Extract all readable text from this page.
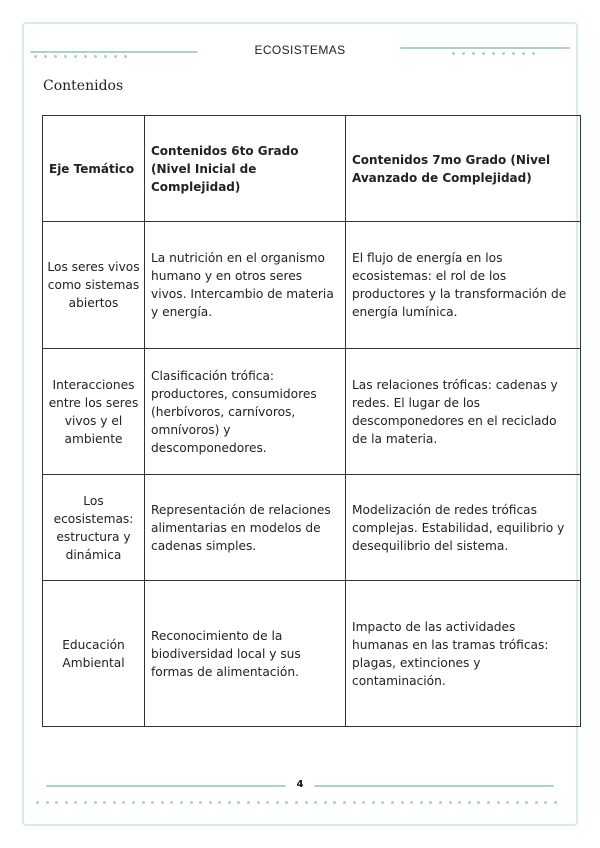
ECOSISTEMAS
Contenidos
Eje Temático	Contenidos 6to Grado (Nivel Inicial de Complejidad)	Contenidos 7mo Grado (Nivel Avanzado de Complejidad)
Los seres vivos como sistemas abiertos	La nutrición en el organismo humano y en otros seres vivos. Intercambio de materia y energía.	El flujo de energía en los ecosistemas: el rol de los productores y la transformación de energía lumínica.
Interacciones entre los seres vivos y el ambiente	Clasificación trófica: productores, consumidores (herbívoros, carnívoros, omnívoros) y descomponedores.	Las relaciones tróficas: cadenas y redes. El lugar de los descomponedores en el reciclado de la materia.
Los ecosistemas: estructura y dinámica	Representación de relaciones alimentarias en modelos de cadenas simples.	Modelización de redes tróficas complejas. Estabilidad, equilibrio y desequilibrio del sistema.
Educación Ambiental	Reconocimiento de la biodiversidad local y sus formas de alimentación.	Impacto de las actividades humanas en las tramas tróficas: plagas, extinciones y contaminación.
4
